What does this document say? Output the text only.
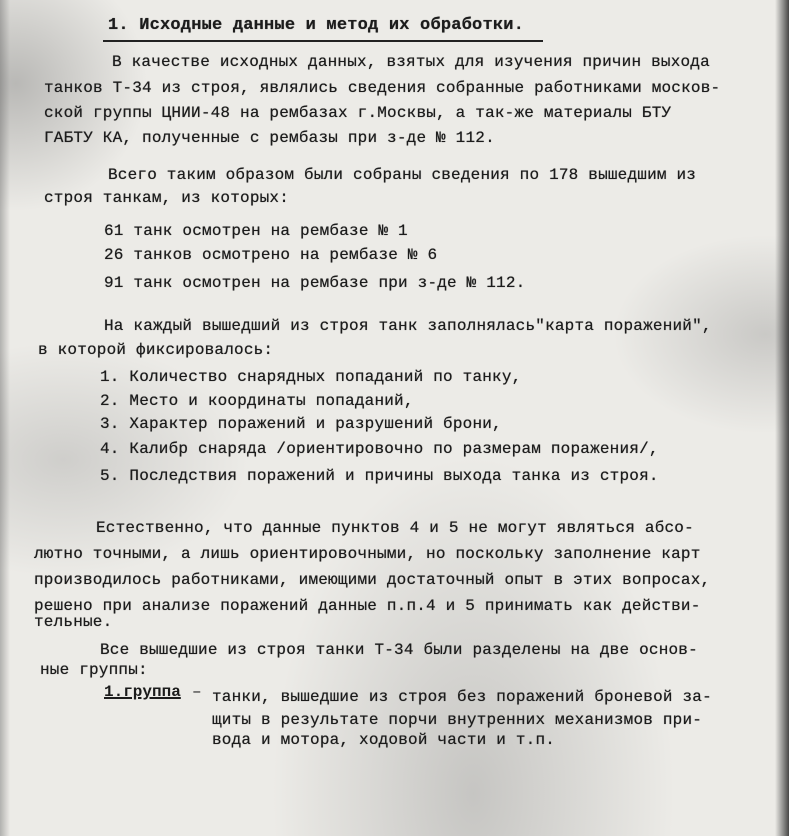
1. Исходные данные и метод их обработки.
В качестве исходных данных, взятых для изучения причин выхода
танков Т-34 из строя, являлись сведения собранные работниками москов-
ской группы ЦНИИ-48 на рембазах г.Москвы, а так-же материалы БТУ
ГАБТУ КА, полученные с рембазы при з-де № 112.
Всего таким образом были собраны сведения по 178 вышедшим из
строя танкам, из которых:
61 танк осмотрен на рембазе № 1
26 танков осмотрено на рембазе № 6
91 танк осмотрен на рембазе при з-де № 112.
На каждый вышедший из строя танк заполнялась"карта поражений",
в которой фиксировалось:
1. Количество снарядных попаданий по танку,
2. Место и координаты попаданий,
3. Характер поражений и разрушений брони,
4. Калибр снаряда /ориентировочно по размерам поражения/,
5. Последствия поражений и причины выхода танка из строя.
Естественно, что данные пунктов 4 и 5 не могут являться абсо-
лютно точными, а лишь ориентировочными, но поскольку заполнение карт
производилось работниками, имеющими достаточный опыт в этих вопросах,
решено при анализе поражений данные п.п.4 и 5 принимать как действи-
тельные.
Все вышедшие из строя танки Т-34 были разделены на две основ-
ные группы:
1.группа – танки, вышедшие из строя без поражений броневой за-
щиты в результате порчи внутренних механизмов при-
вода и мотора, ходовой части и т.п.
